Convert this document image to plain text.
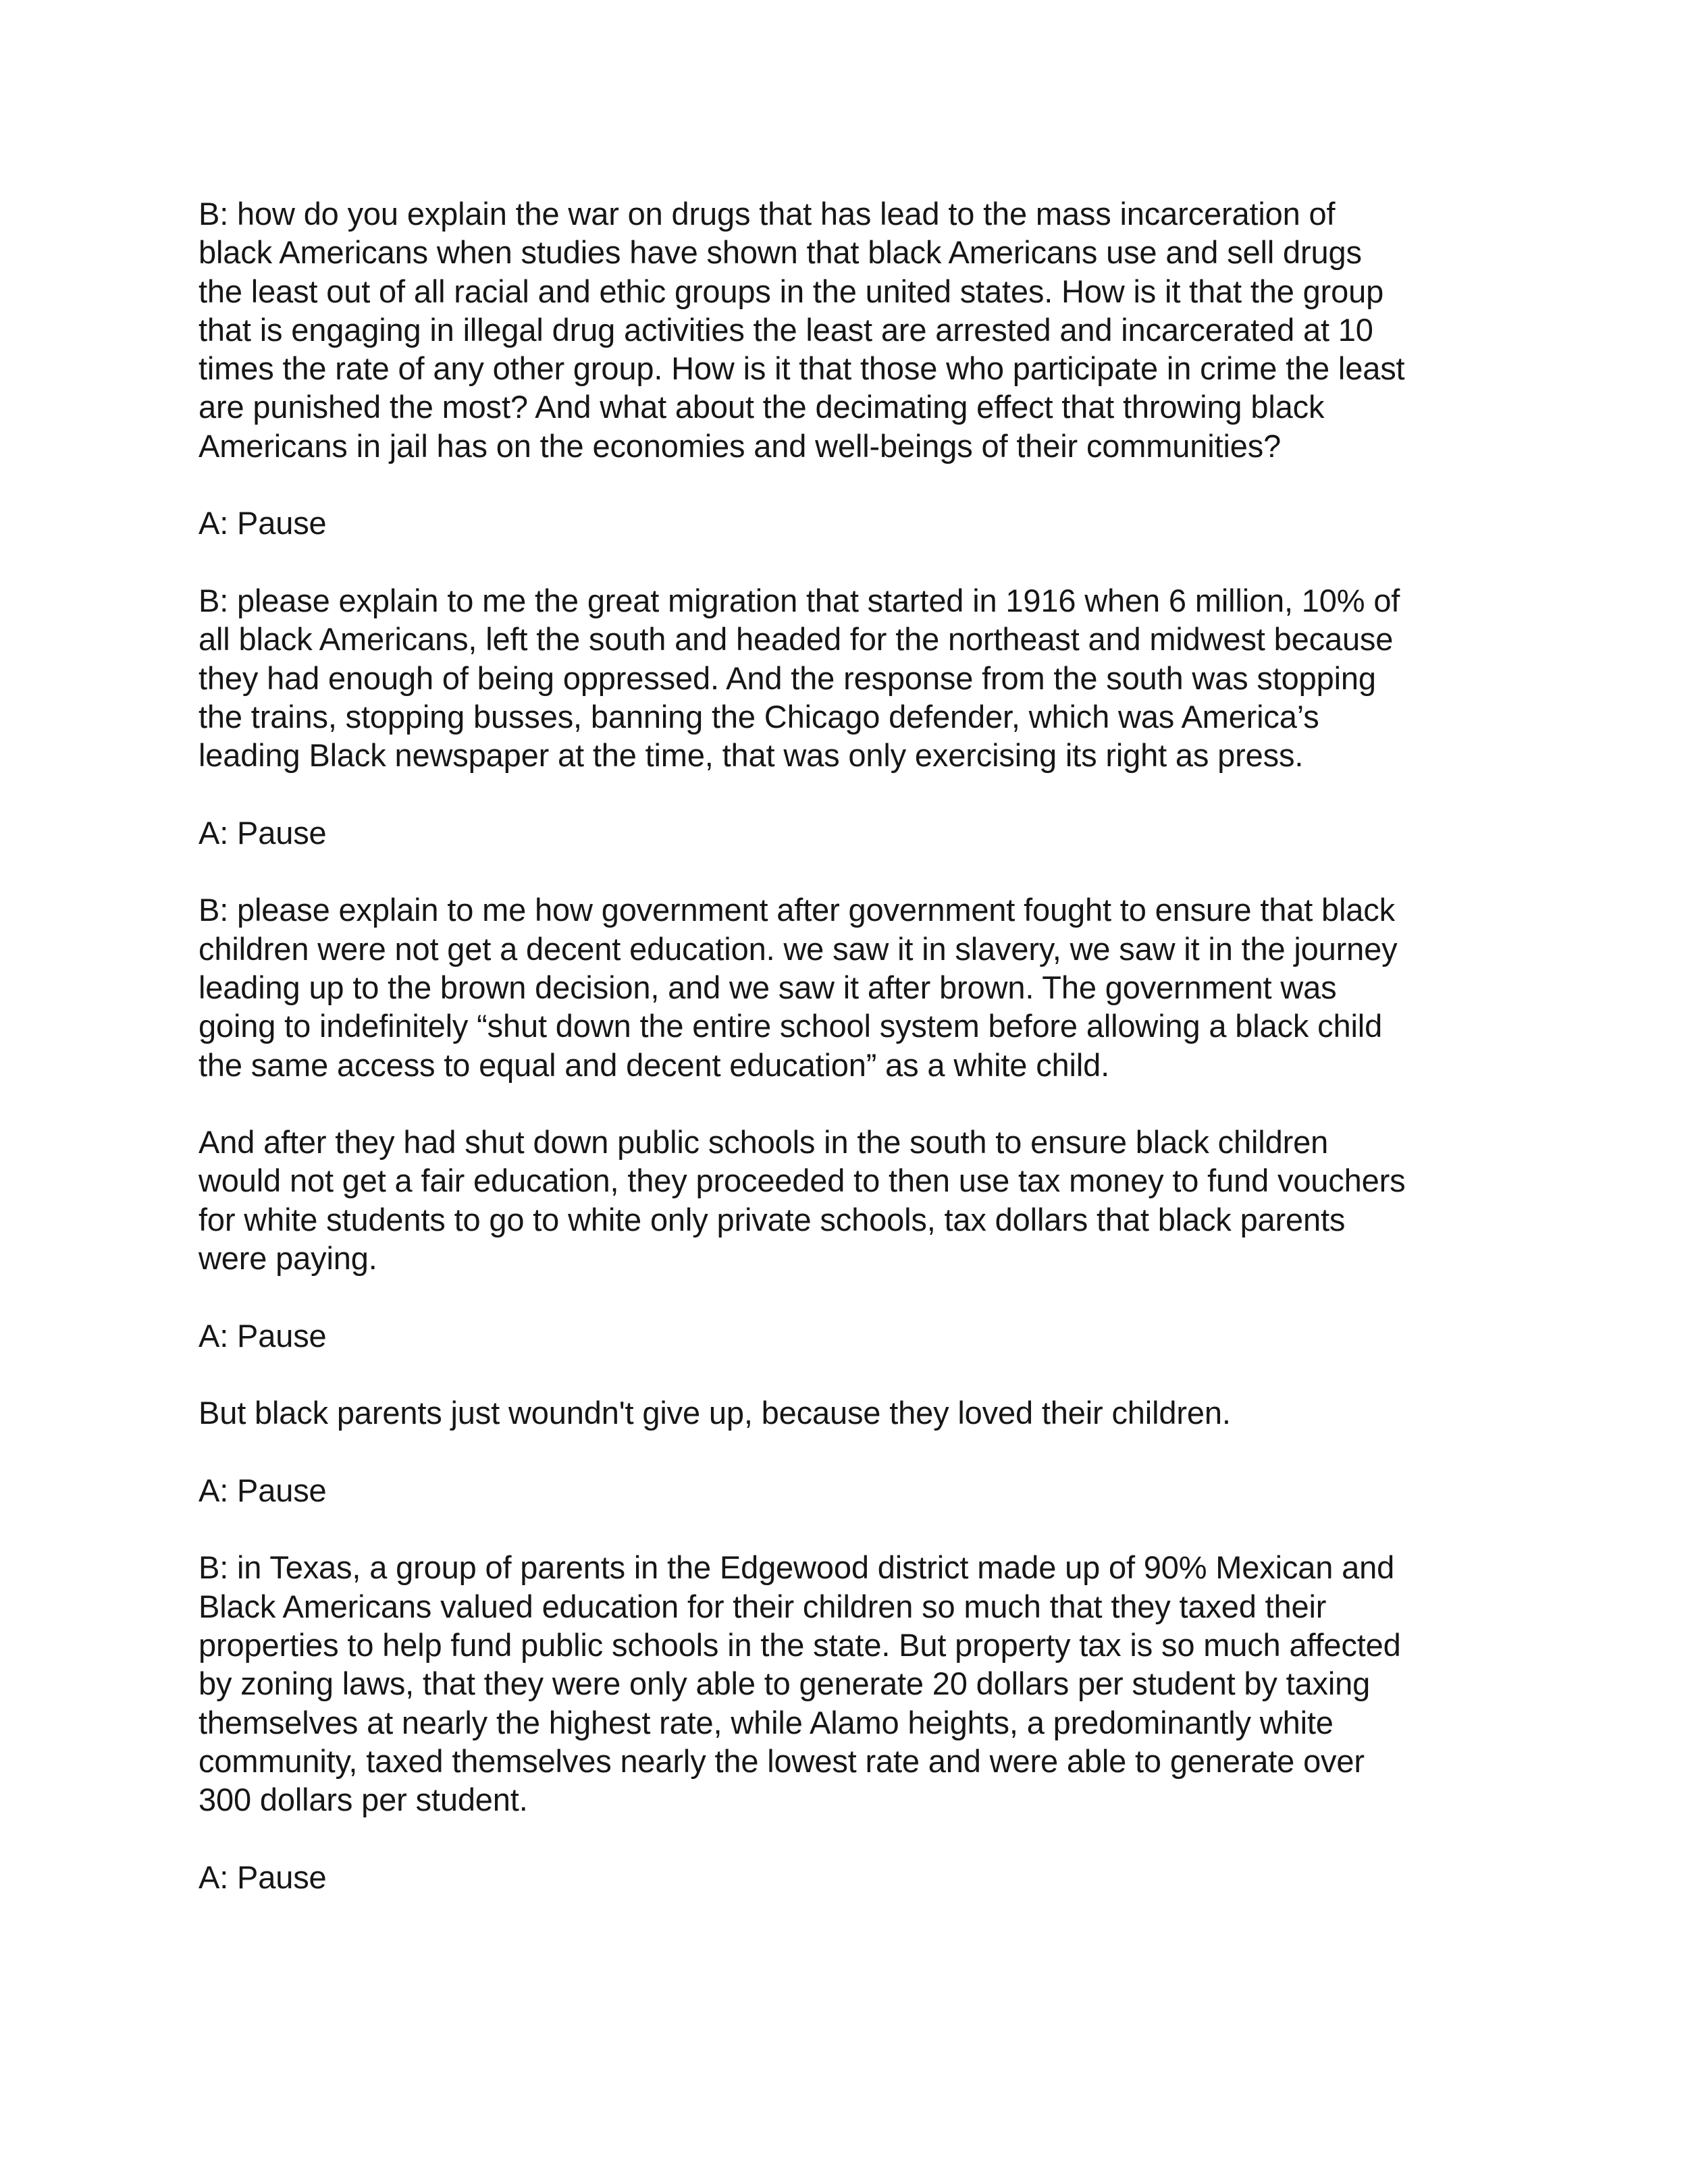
B: how do you explain the war on drugs that has lead to the mass incarceration of
black Americans when studies have shown that black Americans use and sell drugs
the least out of all racial and ethic groups in the united states. How is it that the group
that is engaging in illegal drug activities the least are arrested and incarcerated at 10
times the rate of any other group. How is it that those who participate in crime the least
are punished the most? And what about the decimating effect that throwing black
Americans in jail has on the economies and well-beings of their communities?
A: Pause
B: please explain to me the great migration that started in 1916 when 6 million, 10% of
all black Americans, left the south and headed for the northeast and midwest because
they had enough of being oppressed. And the response from the south was stopping
the trains, stopping busses, banning the Chicago defender, which was America’s
leading Black newspaper at the time, that was only exercising its right as press.
A: Pause
B: please explain to me how government after government fought to ensure that black
children were not get a decent education. we saw it in slavery, we saw it in the journey
leading up to the brown decision, and we saw it after brown. The government was
going to indefinitely “shut down the entire school system before allowing a black child
the same access to equal and decent education” as a white child.
And after they had shut down public schools in the south to ensure black children
would not get a fair education, they proceeded to then use tax money to fund vouchers
for white students to go to white only private schools, tax dollars that black parents
were paying.
A: Pause
But black parents just woundn't give up, because they loved their children.
A: Pause
B: in Texas, a group of parents in the Edgewood district made up of 90% Mexican and
Black Americans valued education for their children so much that they taxed their
properties to help fund public schools in the state. But property tax is so much affected
by zoning laws, that they were only able to generate 20 dollars per student by taxing
themselves at nearly the highest rate, while Alamo heights, a predominantly white
community, taxed themselves nearly the lowest rate and were able to generate over
300 dollars per student.
A: Pause
